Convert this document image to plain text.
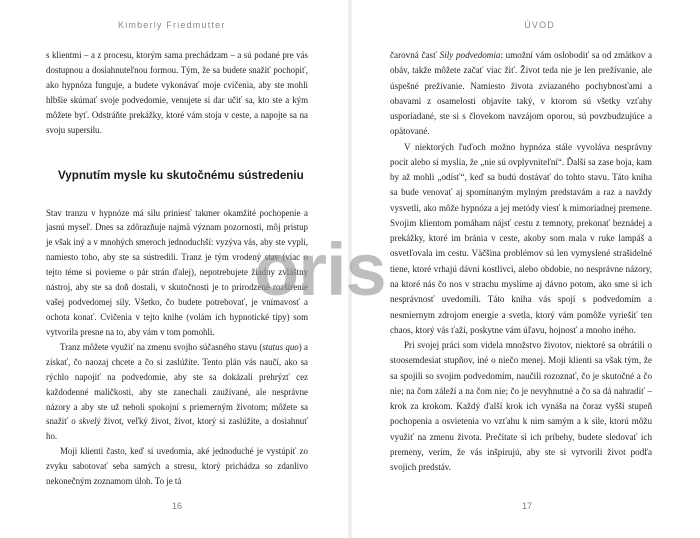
Kimberly Friedmutter

s klientmi – a z procesu, ktorým sama prechádzam – a sú podané pre vás dostupnou a dosiahnuteľnou formou. Tým, že sa budete snažiť pochopiť, ako hypnóza funguje, a budete vykonávať moje cvičenia, aby ste mohli hlbšie skúmať svoje podvedomie, venujete si dar učiť sa, kto ste a kým môžete byť. Odstráňte prekážky, ktoré vám stoja v ceste, a napojte sa na svoju supersilu.

Vypnutím mysle ku skutočnému sústredeniu

Stav tranzu v hypnóze má silu priniesť takmer okamžité pochopenie a jasnú myseľ. Dnes sa zdôrazňuje najmä význam pozornosti, môj prístup je však iný a v mnohých smeroch jednoduchší: vyzýva vás, aby ste vypli, namiesto toho, aby ste sa sústredili. Tranz je tým vrodený stav (viac o tejto téme si povieme o pár strán ďalej), nepotrebujete žiadny zvláštny nástroj, aby ste sa doň dostali, v skutočnosti je to prirodzené rozšírenie vašej podvedomej sily. Všetko, čo budete potrebovať, je vnímavosť a ochota konať. Cvičenia v tejto knihe (volám ich hypnotické tipy) som vytvorila presne na to, aby vám v tom pomohli.

Tranz môžete využiť na zmenu svojho súčasného stavu (status quo) a získať, čo naozaj chcete a čo si zaslúžite. Tento plán vás naučí, ako sa rýchlo napojiť na podvedomie, aby ste sa dokázali prehrýzť cez každodenné maličkosti, aby ste zanechali zaužívané, ale nesprávne názory a aby ste už neboli spokojní s priemerným životom; môžete sa snažiť o skvelý život, veľký život, život, ktorý si zaslúžite, a dosiahnuť ho.

Moji klienti často, keď si uvedomia, aké jednoduché je vystúpiť zo zvyku sabotovať seba samých a stresu, ktorý prichádza so zdanlivo nekonečným zoznamom úloh. To je tá

16
ÚVOD

čarovná časť Sily podvedomia: umožní vám oslobodiť sa od zmätkov a obáv, takže môžete začať viac žiť. Život teda nie je len prežívanie, ale úspešné prežívanie. Namiesto života zviazaného pochybnosťami a obavami z osamelosti objavíte taký, v ktorom sú všetky vzťahy usporiadané, ste si s človekom navzájom oporou, sú povzbudzujúce a opätované.

V niektorých ľuďoch možno hypnóza stále vyvoláva nesprávny pocit alebo si myslia, že „nie sú ovplyvniteľní“. Ďalší sa zase boja, kam by až mohli „odísť“, keď sa budú dostávať do tohto stavu. Táto kniha sa bude venovať aj spomínaným mylným predstavám a raz a navždy vysvetlí, ako môže hypnóza a jej metódy viesť k mimoriadnej premene. Svojim klientom pomáham nájsť cestu z temnoty, prekonať beznádej a prekážky, ktoré im bránia v ceste, akoby som mala v ruke lampáš a osvetľovala im cestu. Väčšina problémov sú len vymyslené strašidelné tiene, ktoré vrhajú dávni kostlivci, alebo obdobie, no nesprávne názory, na ktoré nás čo nos v strachu myslíme aj dávno potom, ako sme si ich nesprávnosť uvedomili. Táto kniha vás spojí s podvedomím a nesmiernym zdrojom energie a svetla, ktorý vám pomôže vyriešiť ten chaos, ktorý vás ťaží, poskytne vám úľavu, hojnosť a mnoho iného.

Pri svojej práci som videla množstvo životov, niektoré sa obrátili o stoosemdesiat stupňov, iné o niečo menej. Moji klienti sa však tým, že sa spojili so svojim podvedomím, naučili rozoznať, čo je skutočné a čo nie; na čom záleží a na čom nie; čo je nevyhnutné a čo sa dá nahradiť – krok za krokom. Každý ďalší krok ich vynáša na čoraz vyšší stupeň pochopenia a osvietenia vo vzťahu k nim samým a k sile, ktorú môžu využiť na zmenu života. Prečítate si ich príbehy, budete sledovať ich premeny, verím, že vás inšpirujú, aby ste si vytvorili život podľa svojich predstáv.

17
oris
